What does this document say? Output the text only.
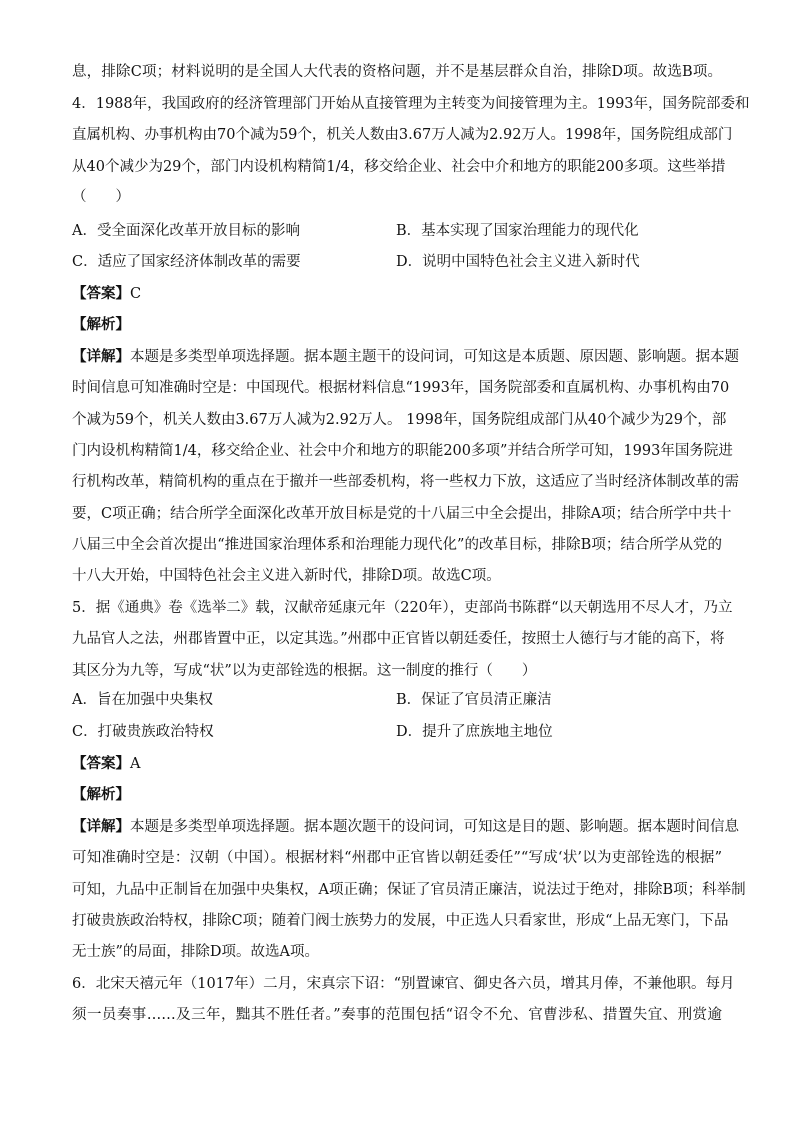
息，排除C项；材料说明的是全国人大代表的资格问题，并不是基层群众自治，排除D项。故选B项。
4．1988年，我国政府的经济管理部门开始从直接管理为主转变为间接管理为主。1993年，国务院部委和
直属机构、办事机构由70个减为59个，机关人数由3.67万人减为2.92万人。1998年，国务院组成部门
从40个减少为29个，部门内设机构精简1/4，移交给企业、社会中介和地方的职能200多项。这些举措
（　　）
A．受全面深化改革开放目标的影响	B．基本实现了国家治理能力的现代化
C．适应了国家经济体制改革的需要	D．说明中国特色社会主义进入新时代
【答案】C
【解析】
【详解】本题是多类型单项选择题。据本题主题干的设问词，可知这是本质题、原因题、影响题。据本题
时间信息可知准确时空是：中国现代。根据材料信息“1993年，国务院部委和直属机构、办事机构由70
个减为59个，机关人数由3.67万人减为2.92万人。 1998年，国务院组成部门从40个减少为29个，部
门内设机构精简1/4，移交给企业、社会中介和地方的职能200多项”并结合所学可知，1993年国务院进
行机构改革，精简机构的重点在于撤并一些部委机构，将一些权力下放，这适应了当时经济体制改革的需
要，C项正确；结合所学全面深化改革开放目标是党的十八届三中全会提出，排除A项；结合所学中共十
八届三中全会首次提出“推进国家治理体系和治理能力现代化”的改革目标，排除B项；结合所学从党的
十八大开始，中国特色社会主义进入新时代，排除D项。故选C项。
5．据《通典》卷《选举二》载，汉献帝延康元年（220年），吏部尚书陈群“以天朝选用不尽人才，乃立
九品官人之法，州郡皆置中正，以定其选。”州郡中正官皆以朝廷委任，按照士人德行与才能的高下，将
其区分为九等，写成“状”以为吏部铨选的根据。这一制度的推行（　　）
A．旨在加强中央集权	B．保证了官员清正廉洁
C．打破贵族政治特权	D．提升了庶族地主地位
【答案】A
【解析】
【详解】本题是多类型单项选择题。据本题次题干的设问词，可知这是目的题、影响题。据本题时间信息
可知准确时空是：汉朝（中国）。根据材料“州郡中正官皆以朝廷委任”“写成‘状’以为吏部铨选的根据”
可知，九品中正制旨在加强中央集权，A项正确；保证了官员清正廉洁，说法过于绝对，排除B项；科举制
打破贵族政治特权，排除C项；随着门阀士族势力的发展，中正选人只看家世，形成“上品无寒门，下品
无士族”的局面，排除D项。故选A项。
6．北宋天禧元年（1017年）二月，宋真宗下诏：“别置谏官、御史各六员，增其月俸，不兼他职。每月
须一员奏事……及三年，黜其不胜任者。”奏事的范围包括“诏令不允、官曹涉私、措置失宜、刑赏逾
